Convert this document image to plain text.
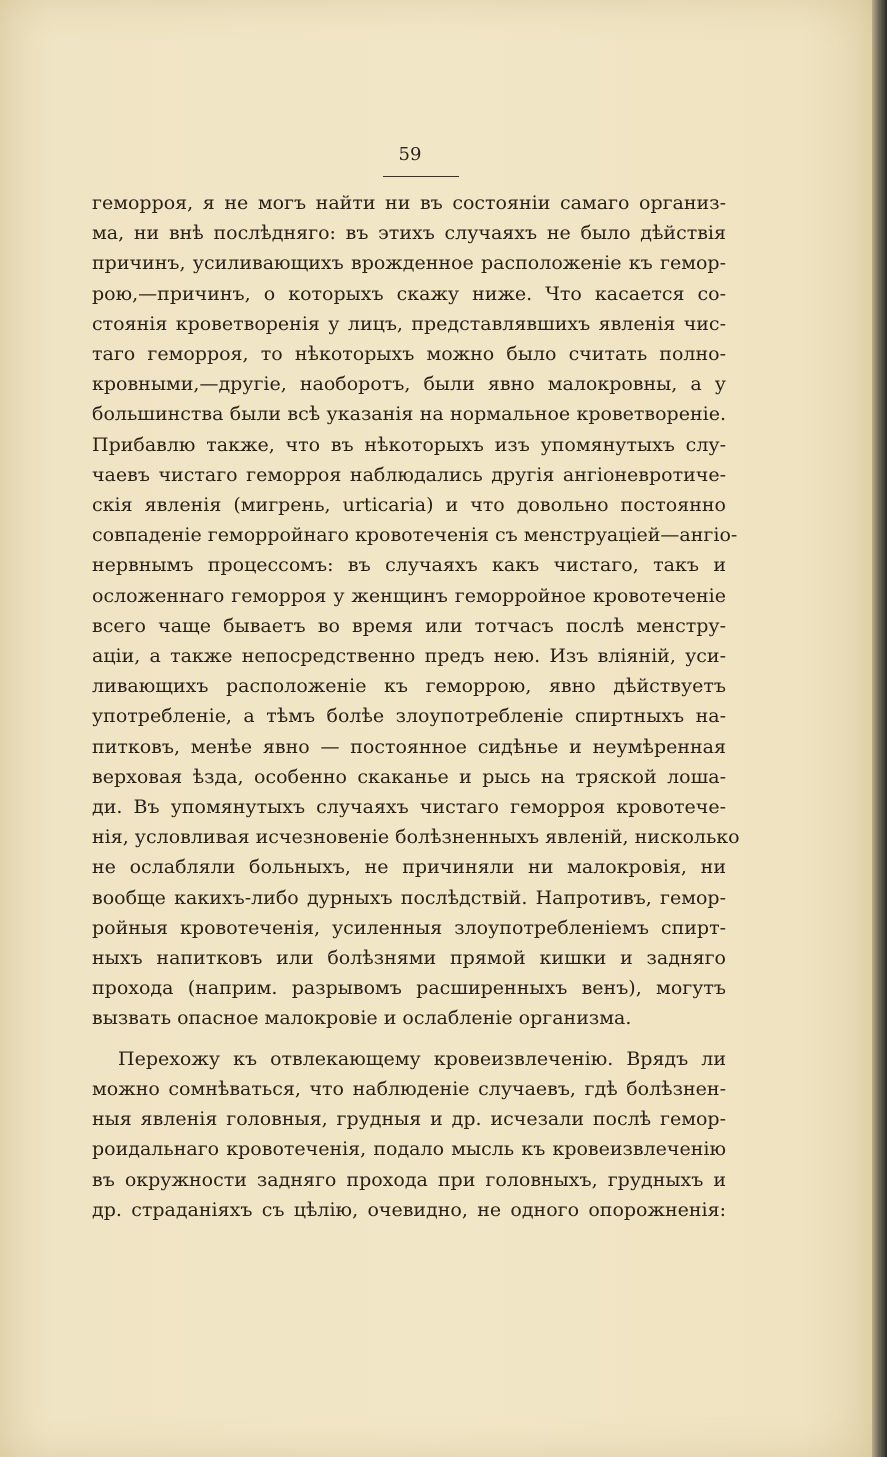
59
геморроя, я не могъ найти ни въ состоянiи самаго организ-
ма, ни внѣ послѣдняго: въ этихъ случаяхъ не было дѣйствiя
причинъ, усиливающихъ врожденное расположенiе къ гемор-
рою,—причинъ, о которыхъ скажу ниже. Что касается со-
стоянiя кроветворенiя у лицъ, представлявшихъ явленiя чис-
таго геморроя, то нѣкоторыхъ можно было считать полно-
кровными,—другiе, наоборотъ, были явно малокровны, а у
большинства были всѣ указанiя на нормальное кроветворенiе.
Прибавлю также, что въ нѣкоторыхъ изъ упомянутыхъ слу-
чаевъ чистаго геморроя наблюдались другiя ангiоневротиче-
скiя явленiя (мигрень, urticaria) и что довольно постоянно
совпаденiе геморройнаго кровотеченiя съ менструацiей—ангiо-
нервнымъ процессомъ: въ случаяхъ какъ чистаго, такъ и
осложеннаго геморроя у женщинъ геморройное кровотеченiе
всего чаще бываетъ во время или тотчасъ послѣ менстру-
ацiи, а также непосредственно предъ нею. Изъ влiянiй, уси-
ливающихъ расположенiе къ геморрою, явно дѣйствуетъ
употребленiе, а тѣмъ болѣе злоупотребленiе спиртныхъ на-
питковъ, менѣе явно — постоянное сидѣнье и неумѣренная
верховая ѣзда, особенно скаканье и рысь на тряской лоша-
ди. Въ упомянутыхъ случаяхъ чистаго геморроя кровотече-
нiя, условливая исчезновенiе болѣзненныхъ явленiй, нисколько
не ослабляли больныхъ, не причиняли ни малокровiя, ни
вообще какихъ-либо дурныхъ послѣдствiй. Напротивъ, гемор-
ройныя кровотеченiя, усиленныя злоупотребленiемъ спирт-
ныхъ напитковъ или болѣзнями прямой кишки и задняго
прохода (наприм. разрывомъ расширенныхъ венъ), могутъ
вызвать опасное малокровiе и ослабленiе организма.
Перехожу къ отвлекающему кровеизвлеченiю. Врядъ ли
можно сомнѣваться, что наблюденiе случаевъ, гдѣ болѣзнен-
ныя явленiя головныя, грудныя и др. исчезали послѣ гемор-
роидальнаго кровотеченiя, подало мысль къ кровеизвлеченiю
въ окружности задняго прохода при головныхъ, грудныхъ и
др. страданiяхъ съ цѣлiю, очевидно, не одного опорожненiя:
